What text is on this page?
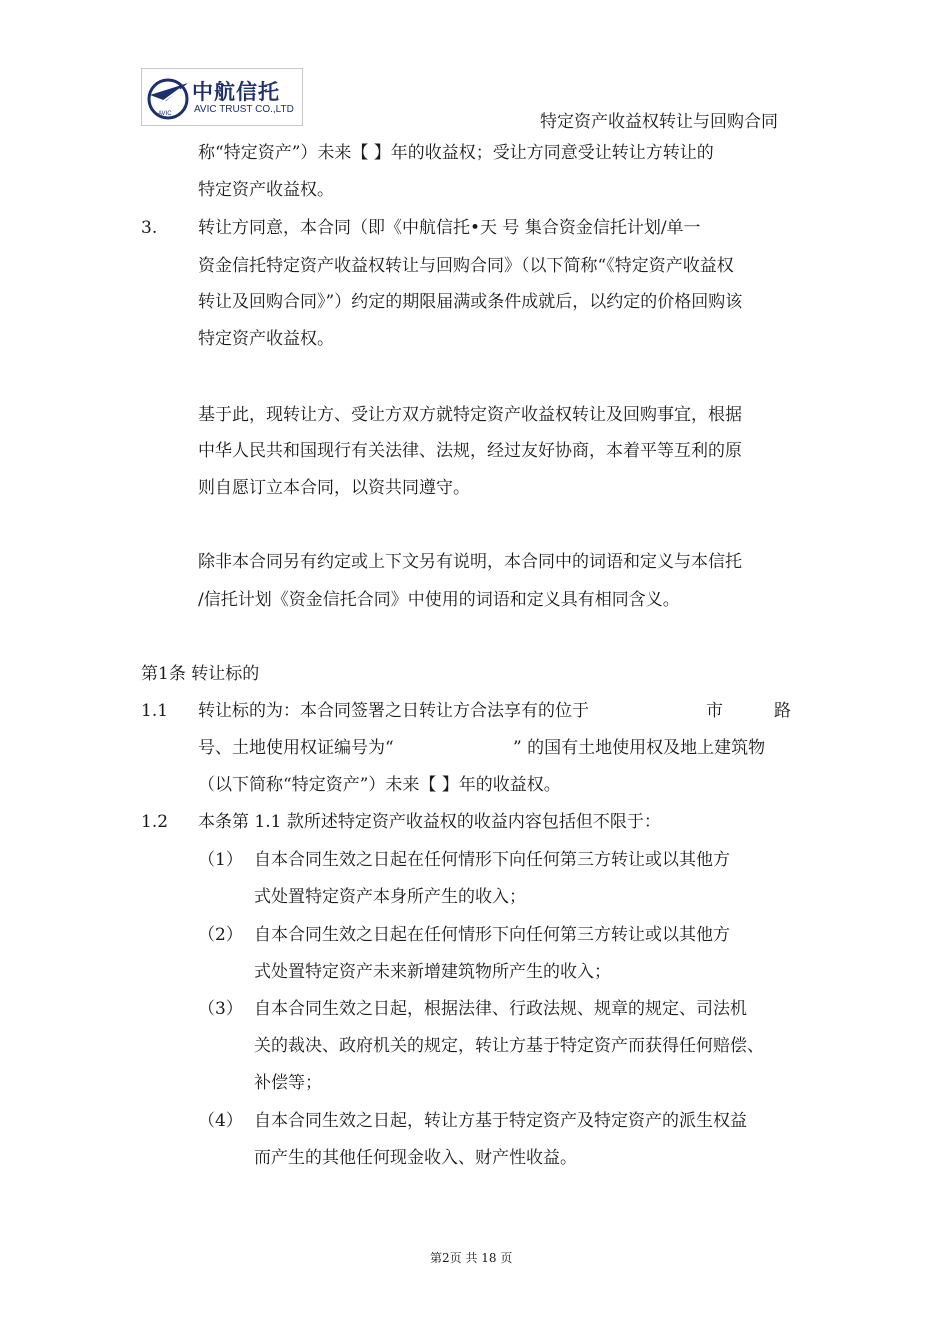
AVIC
中航信托
AVIC TRUST CO.,LTD
特定资产收益权转让与回购合同
称“特定资产”）未来【 】年的收益权；受让方同意受让转让方转让的
特定资产收益权。
3. 转让方同意，本合同（即《中航信托•天 号 集合资金信托计划/单一
资金信托特定资产收益权转让与回购合同》（以下简称“《特定资产收益权
转让及回购合同》”）约定的期限届满或条件成就后，以约定的价格回购该
特定资产收益权。
基于此，现转让方、受让方双方就特定资产收益权转让及回购事宜，根据
中华人民共和国现行有关法律、法规，经过友好协商，本着平等互利的原
则自愿订立本合同，以资共同遵守。
除非本合同另有约定或上下文另有说明，本合同中的词语和定义与本信托
/信托计划《资金信托合同》中使用的词语和定义具有相同含义。
第1条 转让标的
1.1 转让标的为：本合同签署之日转让方合法享有的位于	市	路
号、土地使用权证编号为“	” 的国有土地使用权及地上建筑物
（以下简称“特定资产”）未来【 】年的收益权。
1.2 本条第 1.1 款所述特定资产收益权的收益内容包括但不限于：
（1） 自本合同生效之日起在任何情形下向任何第三方转让或以其他方
式处置特定资产本身所产生的收入；
（2） 自本合同生效之日起在任何情形下向任何第三方转让或以其他方
式处置特定资产未来新增建筑物所产生的收入；
（3） 自本合同生效之日起，根据法律、行政法规、规章的规定、司法机
关的裁决、政府机关的规定，转让方基于特定资产而获得任何赔偿、
补偿等；
（4） 自本合同生效之日起，转让方基于特定资产及特定资产的派生权益
而产生的其他任何现金收入、财产性收益。
第2页 共 18 页
